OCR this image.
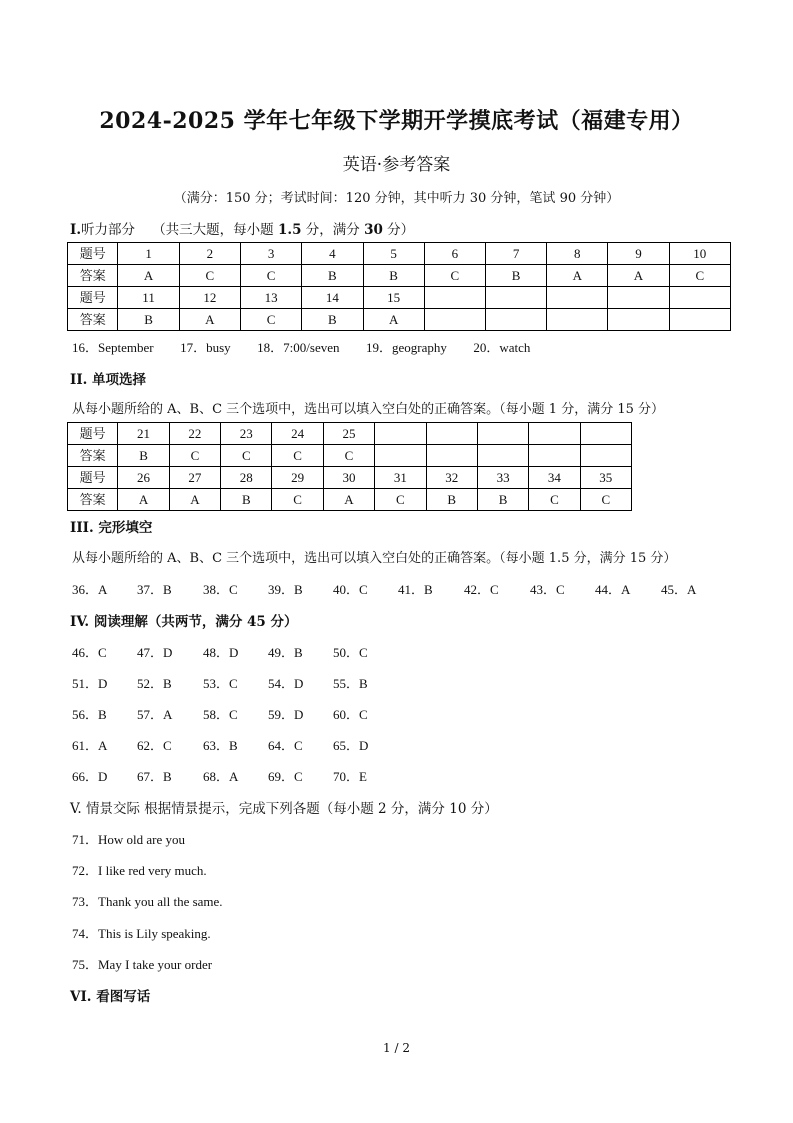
2024-2025 学年七年级下学期开学摸底考试（福建专用）
英语·参考答案
（满分：150 分；考试时间：120 分钟，其中听力 30 分钟，笔试 90 分钟）
I.听力部分 （共三大题，每小题 1.5 分，满分 30 分）
题号	1	2	3	4	5	6	7	8	9	10
答案	A	C	C	B	B	C	B	A	A	C
题号	11	12	13	14	15					
答案	B	A	C	B	A					
16．September 17．busy 18．7:00/seven 19．geography 20．watch
II. 单项选择
从每小题所给的 A、B、C 三个选项中，选出可以填入空白处的正确答案。（每小题 1 分，满分 15 分）
题号	21	22	23	24	25					
答案	B	C	C	C	C					
题号	26	27	28	29	30	31	32	33	34	35
答案	A	A	B	C	A	C	B	B	C	C
III. 完形填空
从每小题所给的 A、B、C 三个选项中，选出可以填入空白处的正确答案。（每小题 1.5 分，满分 15 分）
36．A 37．B 38．C 39．B 40．C 41．B 42．C 43．C 44．A 45．A
IV. 阅读理解（共两节，满分 45 分）
46．C 47．D 48．D 49．B 50．C
51．D 52．B 53．C 54．D 55．B
56．B 57．A 58．C 59．D 60．C
61．A 62．C 63．B 64．C 65．D
66．D 67．B 68．A 69．C 70．E
V. 情景交际 根据情景提示，完成下列各题（每小题 2 分，满分 10 分）
71．How old are you
72．I like red very much.
73．Thank you all the same.
74．This is Lily speaking.
75．May I take your order
VI. 看图写话
1 / 2
